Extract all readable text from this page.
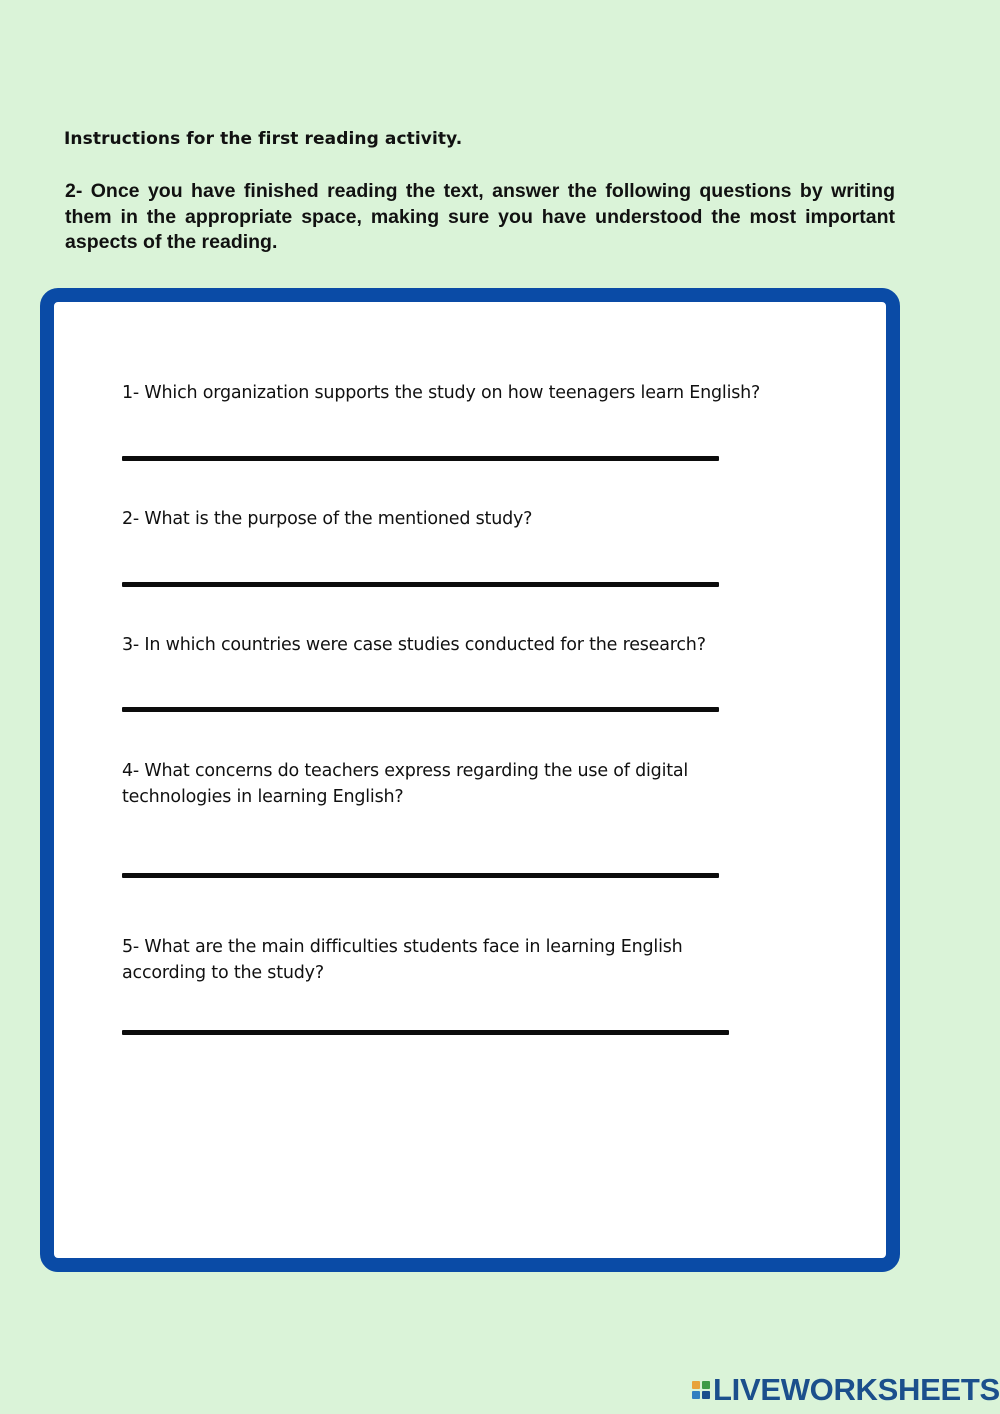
Instructions for the first reading activity.
2- Once you have finished reading the text, answer the following questions by writing them in the appropriate space, making sure you have understood the most important aspects of the reading.
1- Which organization supports the study on how teenagers learn English?
2- What is the purpose of the mentioned study?
3- In which countries were case studies conducted for the research?
4- What concerns do teachers express regarding the use of digital technologies in learning English?
5- What are the main difficulties students face in learning English according to the study?
LIVEWORKSHEETS
